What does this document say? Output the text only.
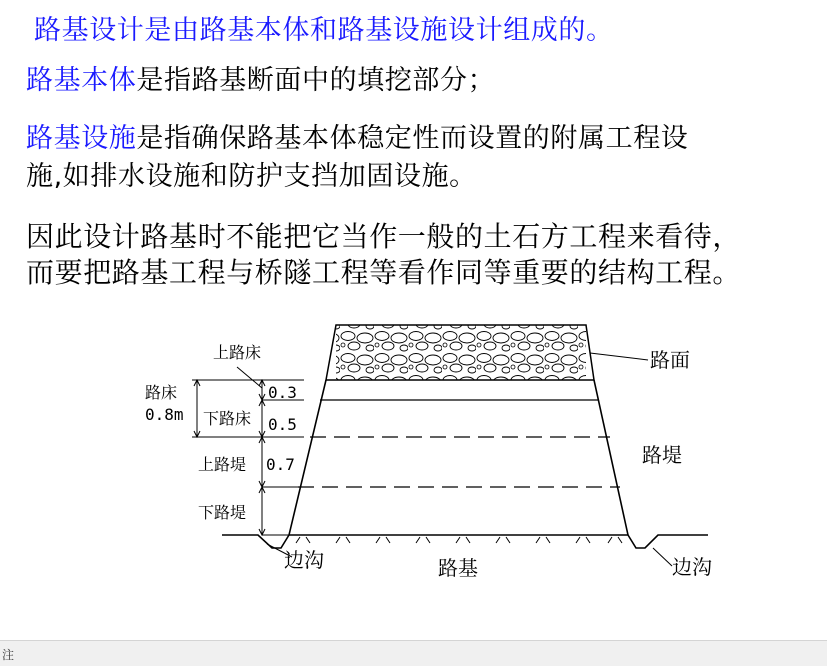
路基设计是由路基本体和路基设施设计组成的。
路基本体是指路基断面中的填挖部分；
路基设施是指确保路基本体稳定性而设置的附属工程设
施,如排水设施和防护支挡加固设施。
因此设计路基时不能把它当作一般的土石方工程来看待，
而要把路基工程与桥隧工程等看作同等重要的结构工程。
上路床
路床
0.8m 下路床
上路堤
下路堤
0.3
0.5
0.7
路面
路堤
边沟	路基	边沟
注
